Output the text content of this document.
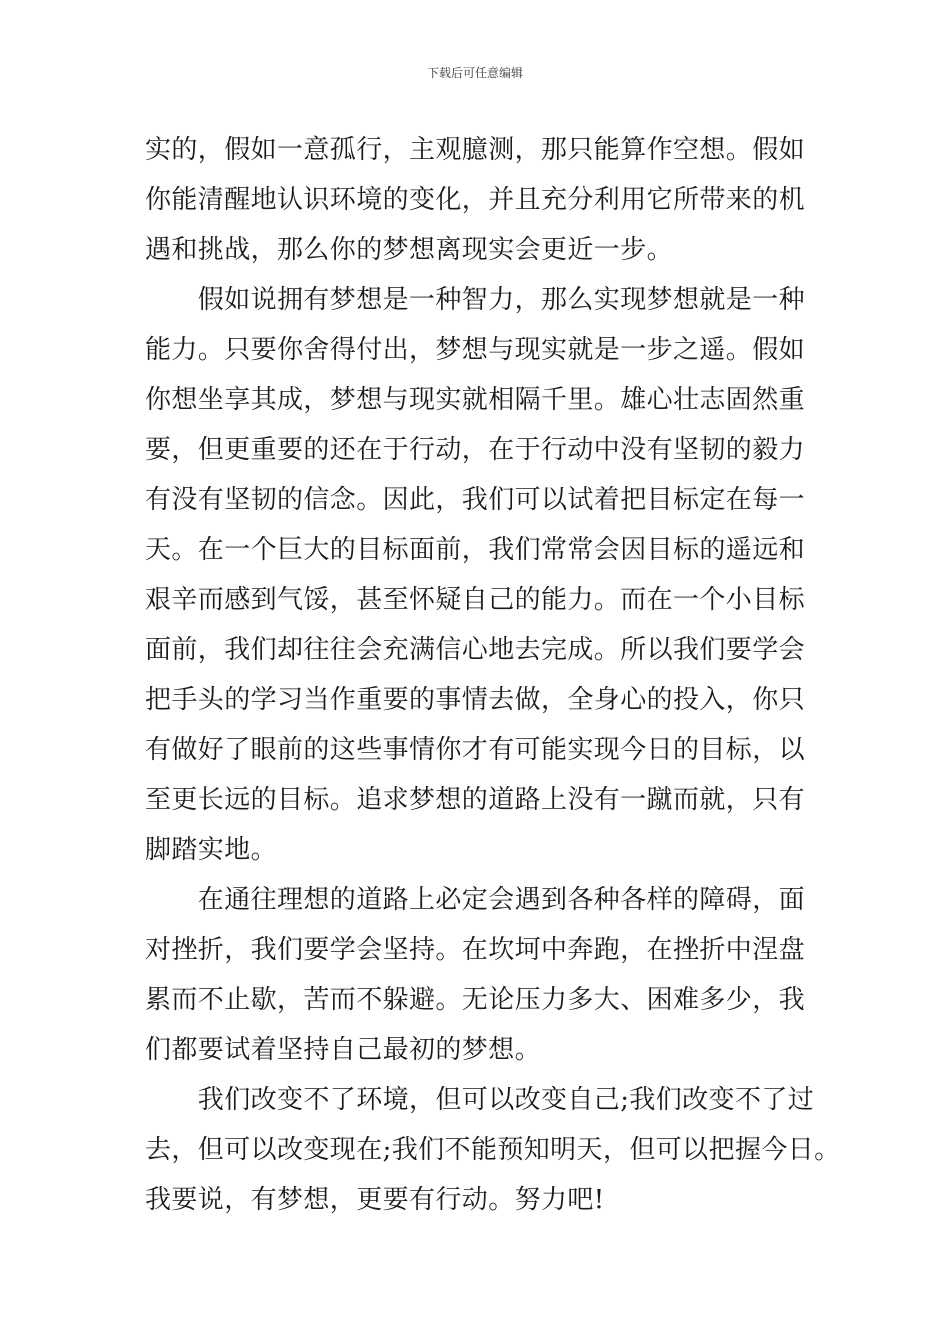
下载后可任意编辑

实的，假如一意孤行，主观臆测，那只能算作空想。假如
你能清醒地认识环境的变化，并且充分利用它所带来的机
遇和挑战，那么你的梦想离现实会更近一步。

　　假如说拥有梦想是一种智力，那么实现梦想就是一种
能力。只要你舍得付出，梦想与现实就是一步之遥。假如
你想坐享其成，梦想与现实就相隔千里。雄心壮志固然重
要，但更重要的还在于行动，在于行动中没有坚韧的毅力
有没有坚韧的信念。因此，我们可以试着把目标定在每一
天。在一个巨大的目标面前，我们常常会因目标的遥远和
艰辛而感到气馁，甚至怀疑自己的能力。而在一个小目标
面前，我们却往往会充满信心地去完成。所以我们要学会
把手头的学习当作重要的事情去做，全身心的投入，你只
有做好了眼前的这些事情你才有可能实现今日的目标，以
至更长远的目标。追求梦想的道路上没有一蹴而就，只有
脚踏实地。

　　在通往理想的道路上必定会遇到各种各样的障碍，面
对挫折，我们要学会坚持。在坎坷中奔跑，在挫折中涅盘
累而不止歇，苦而不躲避。无论压力多大、困难多少，我
们都要试着坚持自己最初的梦想。

　　我们改变不了环境，但可以改变自己;我们改变不了过
去，但可以改变现在;我们不能预知明天，但可以把握今日。
我要说，有梦想，更要有行动。努力吧!
